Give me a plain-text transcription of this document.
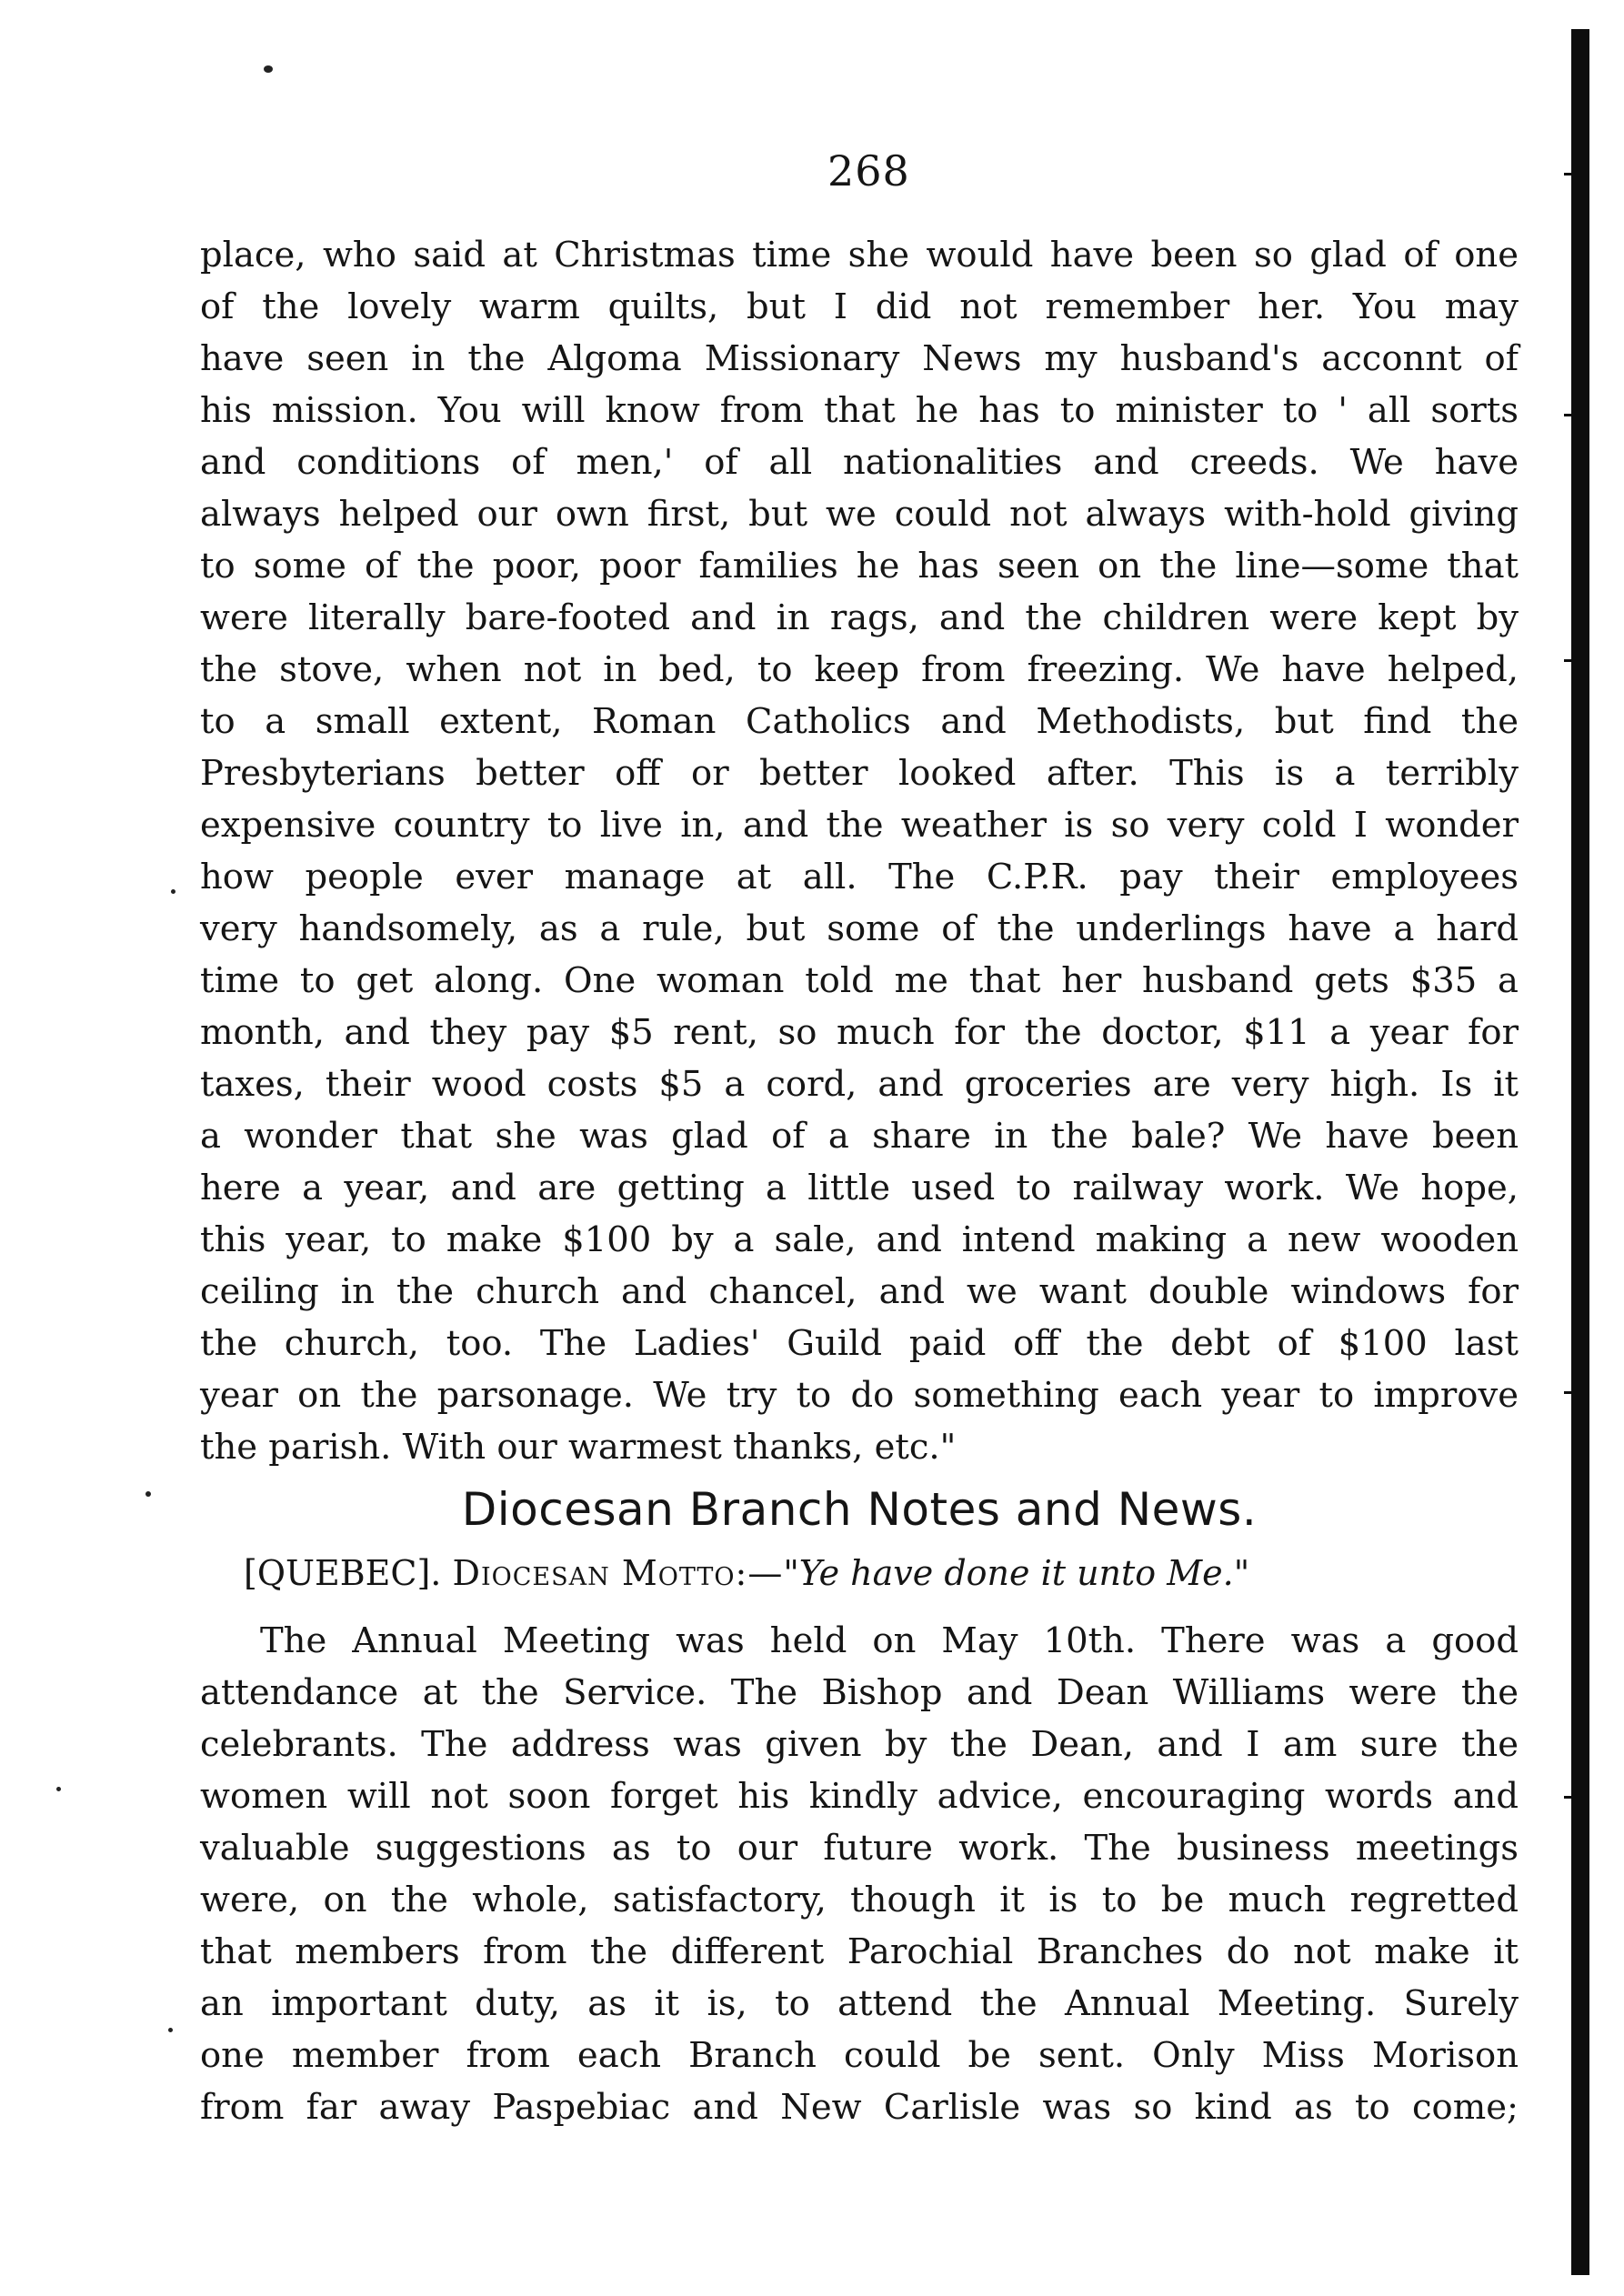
268
place, who said at Christmas time she would have been so glad of one
of the lovely warm quilts, but I did not remember her. You may
have seen in the Algoma Missionary News my husband's acconnt of
his mission. You will know from that he has to minister to ' all sorts
and conditions of men,' of all nationalities and creeds. We have
always helped our own first, but we could not always with-hold giving
to some of the poor, poor families he has seen on the line—some that
were literally bare-footed and in rags, and the children were kept by
the stove, when not in bed, to keep from freezing. We have helped,
to a small extent, Roman Catholics and Methodists, but find the
Presbyterians better off or better looked after. This is a terribly
expensive country to live in, and the weather is so very cold I wonder
how people ever manage at all. The C.P.R. pay their employees
very handsomely, as a rule, but some of the underlings have a hard
time to get along. One woman told me that her husband gets $35 a
month, and they pay $5 rent, so much for the doctor, $11 a year for
taxes, their wood costs $5 a cord, and groceries are very high. Is it
a wonder that she was glad of a share in the bale? We have been
here a year, and are getting a little used to railway work. We hope,
this year, to make $100 by a sale, and intend making a new wooden
ceiling in the church and chancel, and we want double windows for
the church, too. The Ladies' Guild paid off the debt of $100 last
year on the parsonage. We try to do something each year to improve
the parish. With our warmest thanks, etc."
Diocesan Branch Notes and News.
[QUEBEC]. Diocesan Motto:—"Ye have done it unto Me."
The Annual Meeting was held on May 10th. There was a good
attendance at the Service. The Bishop and Dean Williams were the
celebrants. The address was given by the Dean, and I am sure the
women will not soon forget his kindly advice, encouraging words and
valuable suggestions as to our future work. The business meetings
were, on the whole, satisfactory, though it is to be much regretted
that members from the different Parochial Branches do not make it
an important duty, as it is, to attend the Annual Meeting. Surely
one member from each Branch could be sent. Only Miss Morison
from far away Paspebiac and New Carlisle was so kind as to come;
